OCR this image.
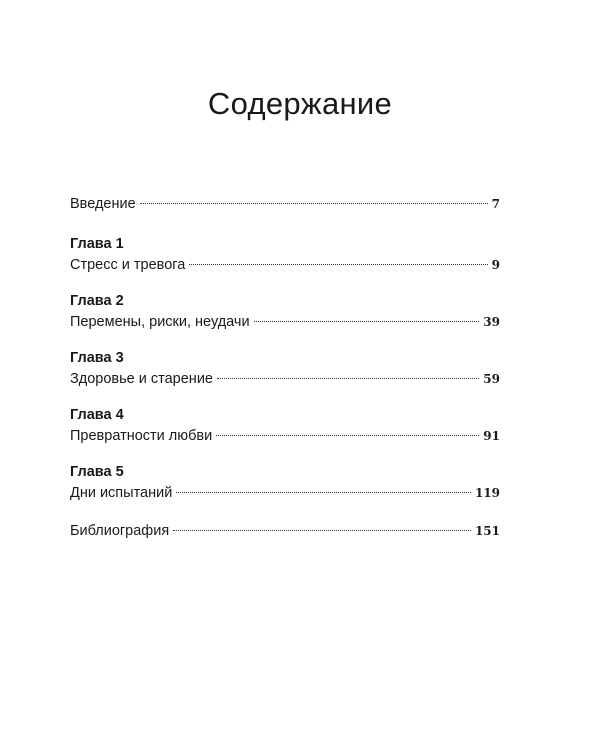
Содержание
Введение	7
Глава 1
Стресс и тревога	9
Глава 2
Перемены, риски, неудачи	39
Глава 3
Здоровье и старение	59
Глава 4
Превратности любви	91
Глава 5
Дни испытаний	119
Библиография	151
